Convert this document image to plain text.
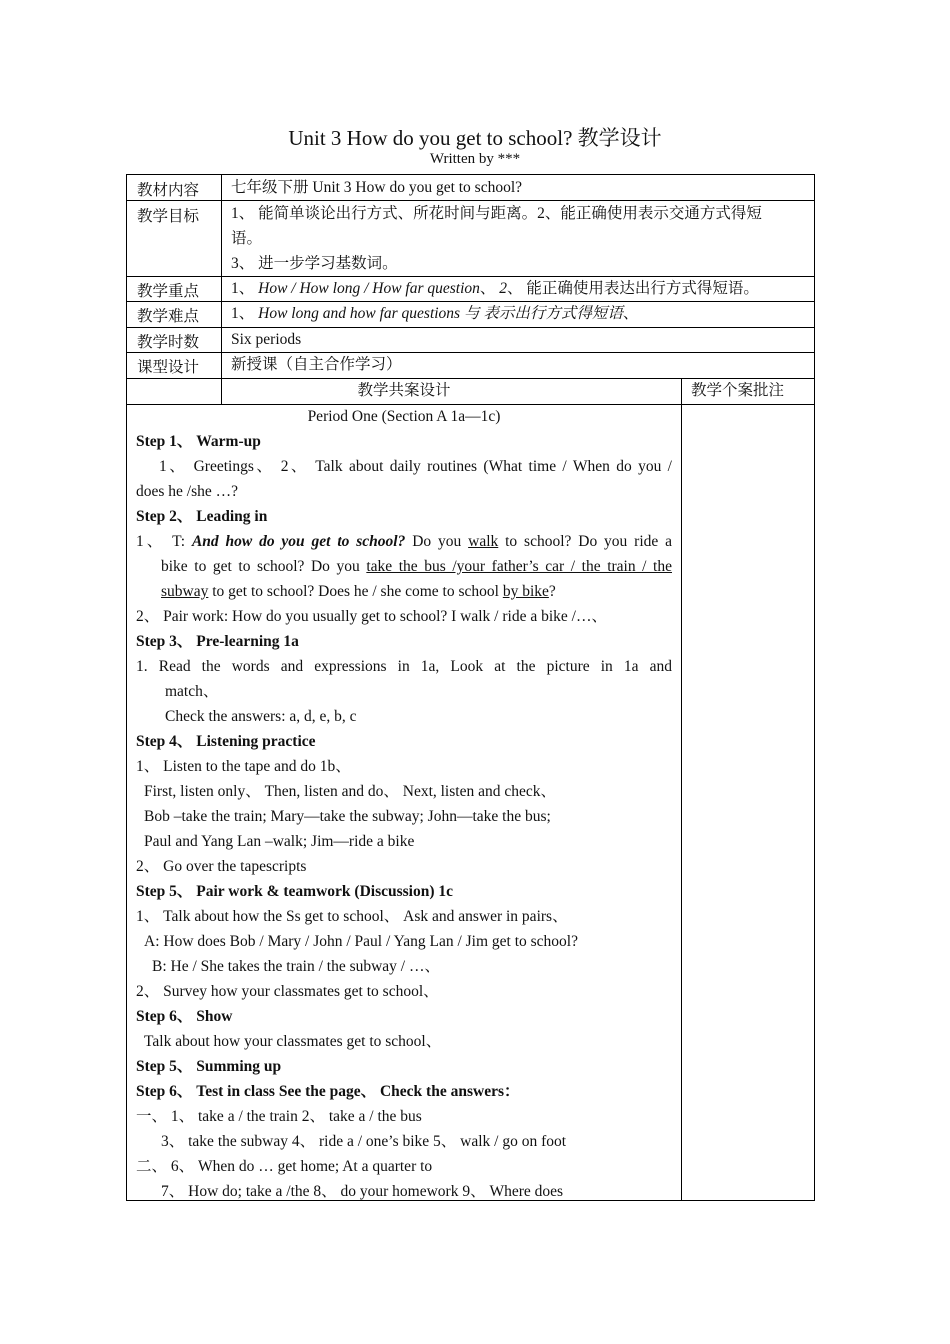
Unit 3 How do you get to school? 教学设计
Written by ***
教材内容 七年级下册 Unit 3 How do you get to school?
教学目标 1、 能简单谈论出行方式、所花时间与距离。2、能正确使用表示交通方式得短
语。
3、 进一步学习基数词。
教学重点 1、 How / How long / How far question、 2、 能正确使用表达出行方式得短语。
教学难点 1、 How long and how far questions 与 表示出行方式得短语、
教学时数 Six periods
课型设计 新授课（自主合作学习）
教学共案设计	教学个案批注
Period One (Section A 1a—1c)
Step 1、 Warm-up
1、 Greetings、 2、 Talk about daily routines (What time / When do you /
does he /she …?
Step 2、 Leading in
1、 T: And how do you get to school? Do you walk to school? Do you ride a
bike to get to school? Do you take the bus /your father’s car / the train / the
subway to get to school? Does he / she come to school by bike?
2、 Pair work: How do you usually get to school? I walk / ride a bike /…、
Step 3、 Pre-learning 1a
1. Read the words and expressions in 1a, Look at the picture in 1a and
match、
Check the answers: a, d, e, b, c
Step 4、 Listening practice
1、 Listen to the tape and do 1b、
First, listen only、 Then, listen and do、 Next, listen and check、
Bob –take the train; Mary—take the subway; John—take the bus;
Paul and Yang Lan –walk; Jim—ride a bike
2、 Go over the tapescripts
Step 5、 Pair work & teamwork (Discussion) 1c
1、 Talk about how the Ss get to school、 Ask and answer in pairs、
A: How does Bob / Mary / John / Paul / Yang Lan / Jim get to school?
B: He / She takes the train / the subway / …、
2、 Survey how your classmates get to school、
Step 6、 Show
Talk about how your classmates get to school、
Step 5、 Summing up
Step 6、 Test in class See the page、 Check the answers：
一、 1、 take a / the train 2、 take a / the bus
3、 take the subway 4、 ride a / one’s bike 5、 walk / go on foot
二、 6、 When do … get home; At a quarter to
7、 How do; take a /the 8、 do your homework 9、 Where does
